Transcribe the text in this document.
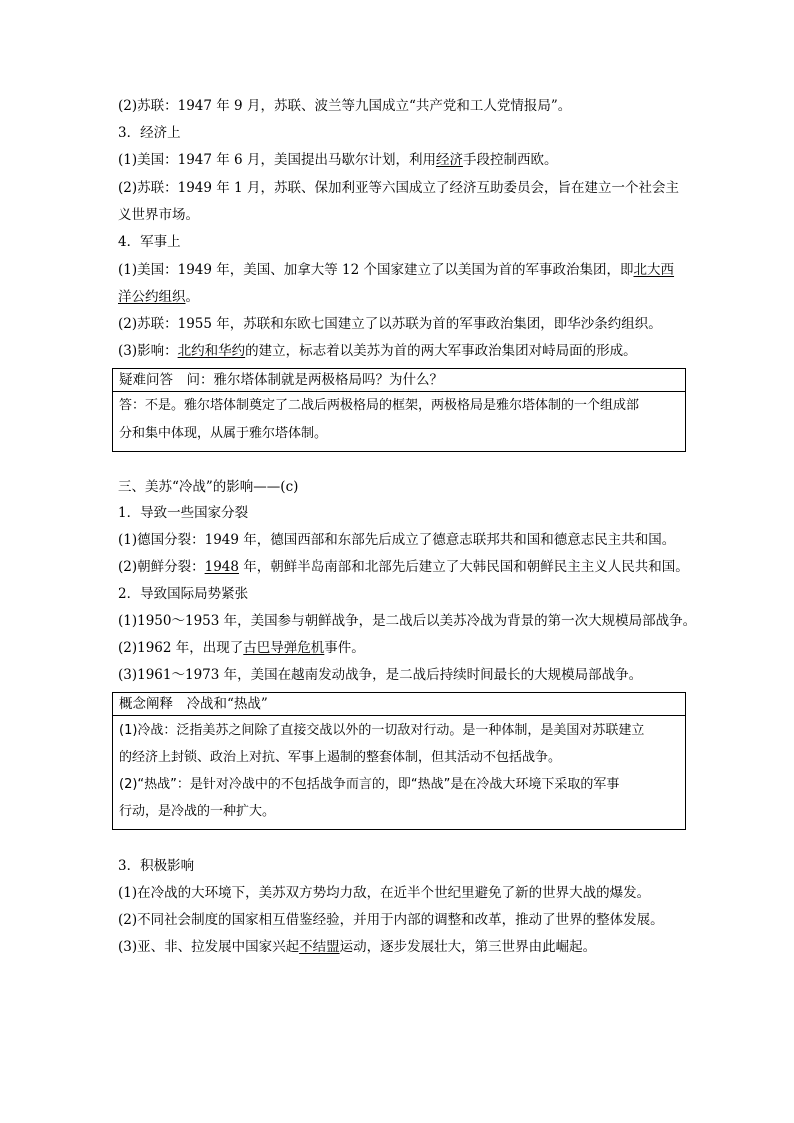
(2)苏联：1947 年 9 月，苏联、波兰等九国成立“共产党和工人党情报局”。
3．经济上
(1)美国：1947 年 6 月，美国提出马歇尔计划，利用经济手段控制西欧。
(2)苏联：1949 年 1 月，苏联、保加利亚等六国成立了经济互助委员会，旨在建立一个社会主
义世界市场。
4．军事上
(1)美国：1949 年，美国、加拿大等 12 个国家建立了以美国为首的军事政治集团，即北大西
洋公约组织。
(2)苏联：1955 年，苏联和东欧七国建立了以苏联为首的军事政治集团，即华沙条约组织。
(3)影响：北约和华约的建立，标志着以美苏为首的两大军事政治集团对峙局面的形成。
疑难问答　问：雅尔塔体制就是两极格局吗？为什么？
答：不是。雅尔塔体制奠定了二战后两极格局的框架，两极格局是雅尔塔体制的一个组成部
分和集中体现，从属于雅尔塔体制。
三、美苏“冷战”的影响——(c)
1．导致一些国家分裂
(1)德国分裂：1949 年，德国西部和东部先后成立了德意志联邦共和国和德意志民主共和国。
(2)朝鲜分裂：1948 年，朝鲜半岛南部和北部先后建立了大韩民国和朝鲜民主主义人民共和国。
2．导致国际局势紧张
(1)1950～1953 年，美国参与朝鲜战争，是二战后以美苏冷战为背景的第一次大规模局部战争。
(2)1962 年，出现了古巴导弹危机事件。
(3)1961～1973 年，美国在越南发动战争，是二战后持续时间最长的大规模局部战争。
概念阐释　冷战和“热战”
(1)冷战：泛指美苏之间除了直接交战以外的一切敌对行动。是一种体制，是美国对苏联建立
的经济上封锁、政治上对抗、军事上遏制的整套体制，但其活动不包括战争。
(2)“热战”：是针对冷战中的不包括战争而言的，即“热战”是在冷战大环境下采取的军事
行动，是冷战的一种扩大。
3．积极影响
(1)在冷战的大环境下，美苏双方势均力敌，在近半个世纪里避免了新的世界大战的爆发。
(2)不同社会制度的国家相互借鉴经验，并用于内部的调整和改革，推动了世界的整体发展。
(3)亚、非、拉发展中国家兴起不结盟运动，逐步发展壮大，第三世界由此崛起。
